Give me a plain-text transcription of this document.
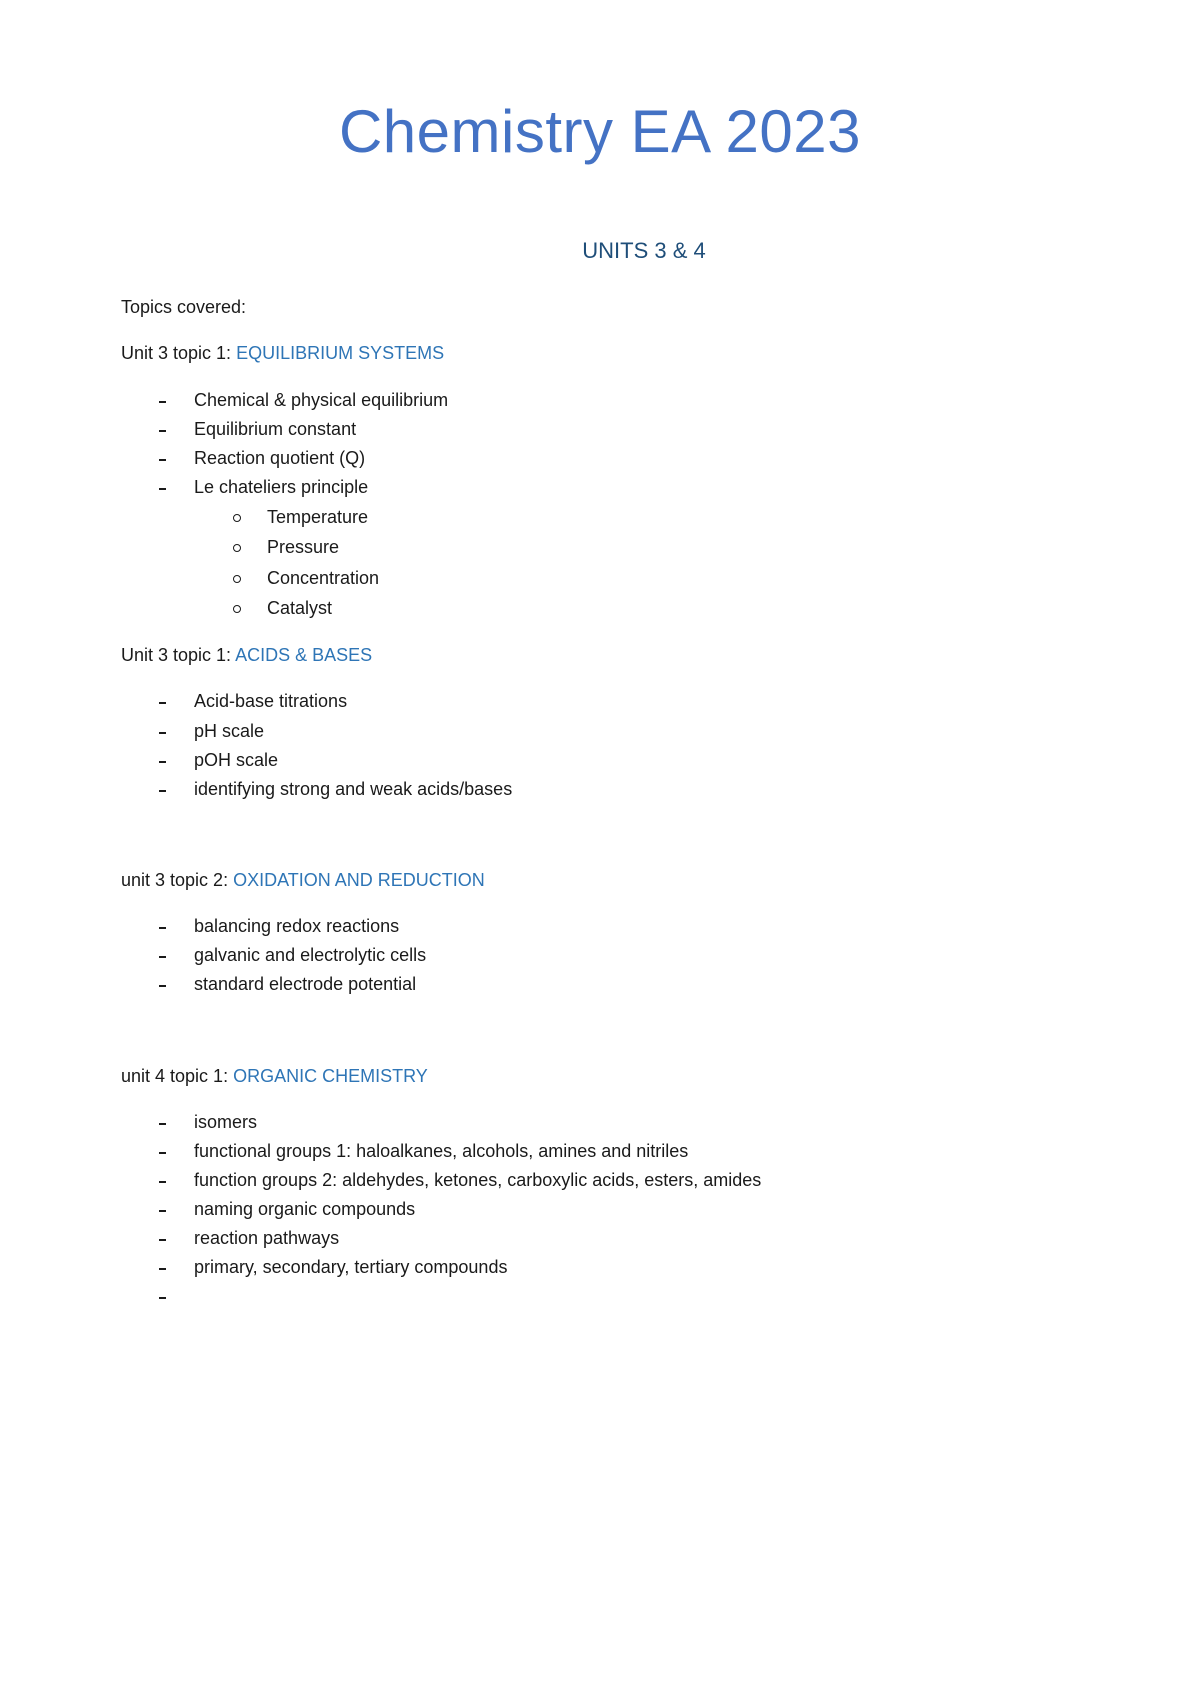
Chemistry EA 2023
UNITS 3 & 4
Topics covered:
Unit 3 topic 1: EQUILIBRIUM SYSTEMS
Chemical & physical equilibrium
Equilibrium constant
Reaction quotient (Q)
Le chateliers principle
Temperature
Pressure
Concentration
Catalyst
Unit 3 topic 1: ACIDS & BASES
Acid-base titrations
pH scale
pOH scale
identifying strong and weak acids/bases
unit 3 topic 2: OXIDATION AND REDUCTION
balancing redox reactions
galvanic and electrolytic cells
standard electrode potential
unit 4 topic 1: ORGANIC CHEMISTRY
isomers
functional groups 1: haloalkanes, alcohols, amines and nitriles
function groups 2: aldehydes, ketones, carboxylic acids, esters, amides
naming organic compounds
reaction pathways
primary, secondary, tertiary compounds
